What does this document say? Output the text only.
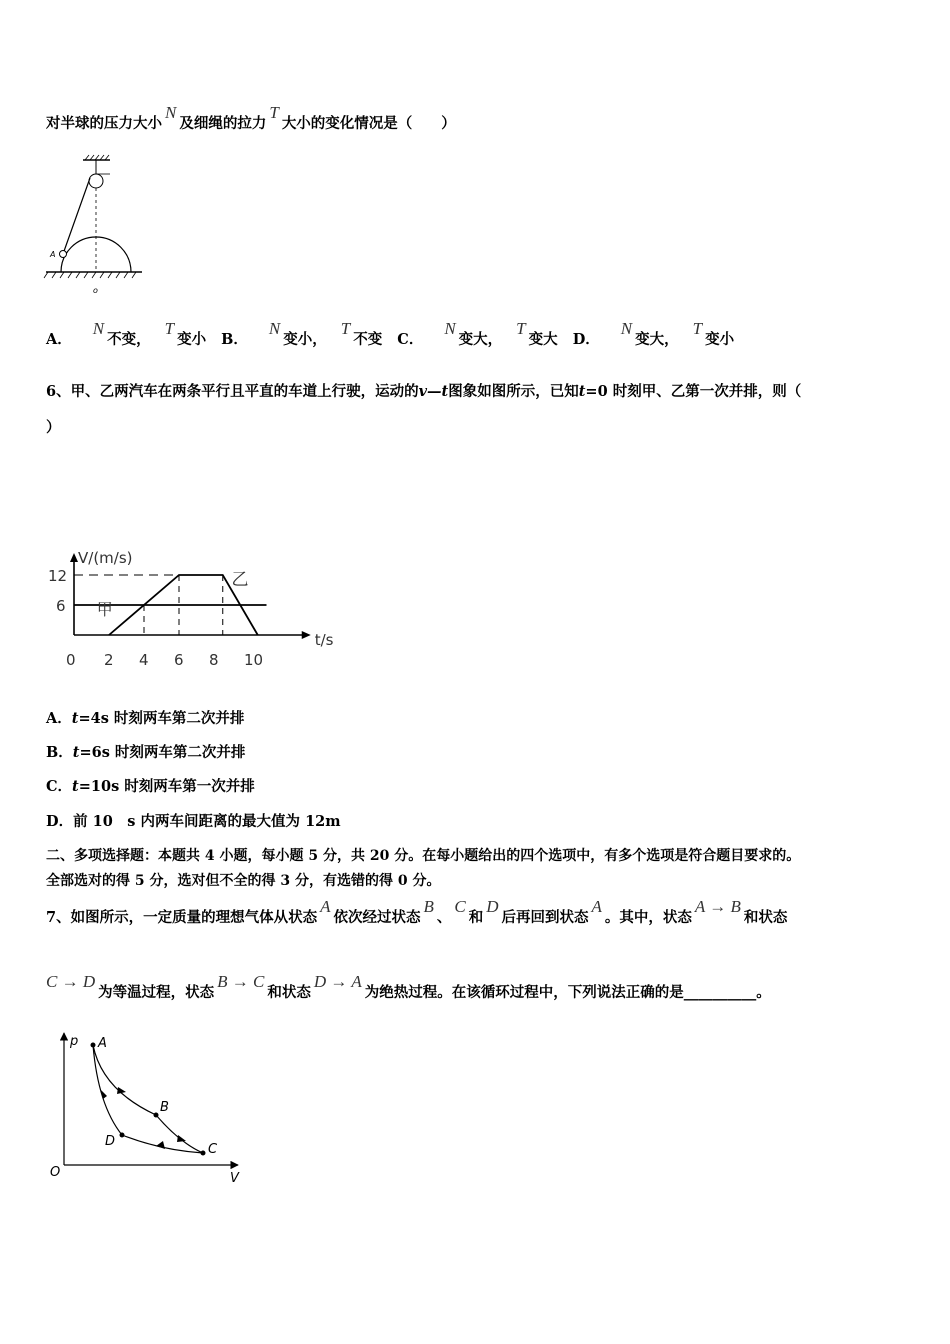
对半球的压力大小N及细绳的拉力T大小的变化情况是（　　）
A
o
A．N不变，T变小 B．N变小，T不变 C．N变大，T变大 D．N变大，T变小
6、甲、乙两汽车在两条平行且平直的车道上行驶，运动的v—t图象如图所示，已知t=0 时刻甲、乙第一次并排，则（
）
V/(m/s)
t/s
0 2 4 6 8 10
6
12
甲
乙
A．t=4s 时刻两车第二次并排
B．t=6s 时刻两车第二次并排
C．t=10s 时刻两车第一次并排
D．前 10　s 内两车间距离的最大值为 12m
二、多项选择题：本题共 4 小题，每小题 5 分，共 20 分。在每小题给出的四个选项中，有多个选项是符合题目要求的。
全部选对的得 5 分，选对但不全的得 3 分，有选错的得 0 分。
7、如图所示，一定质量的理想气体从状态A依次经过状态B、C和D后再回到状态A。其中，状态A → B和状态
C → D为等温过程，状态B → C和状态D → A为绝热过程。在该循环过程中，下列说法正确的是__________。
p
V
O
A
B
C
D
